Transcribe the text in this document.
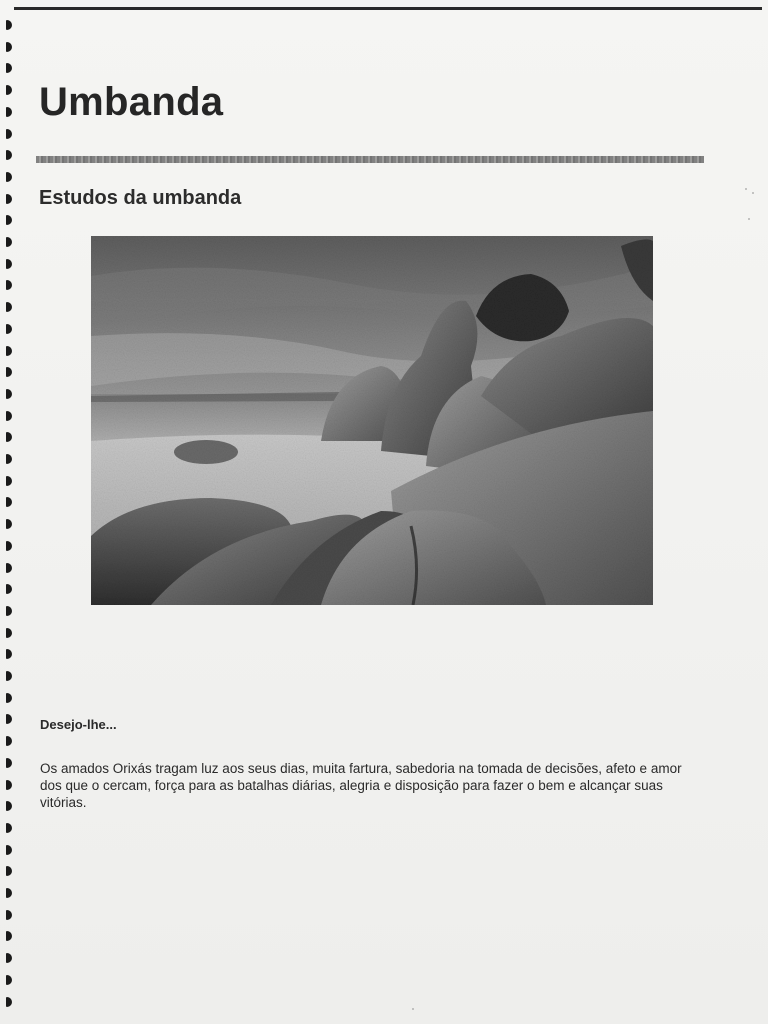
Umbanda
Estudos da umbanda

Desejo-lhe...

Os amados Orixás tragam luz aos seus dias, muita fartura, sabedoria na tomada de decisões, afeto e amor dos que o cercam, força para as batalhas diárias, alegria e disposição para fazer o bem e alcançar suas vitórias.
